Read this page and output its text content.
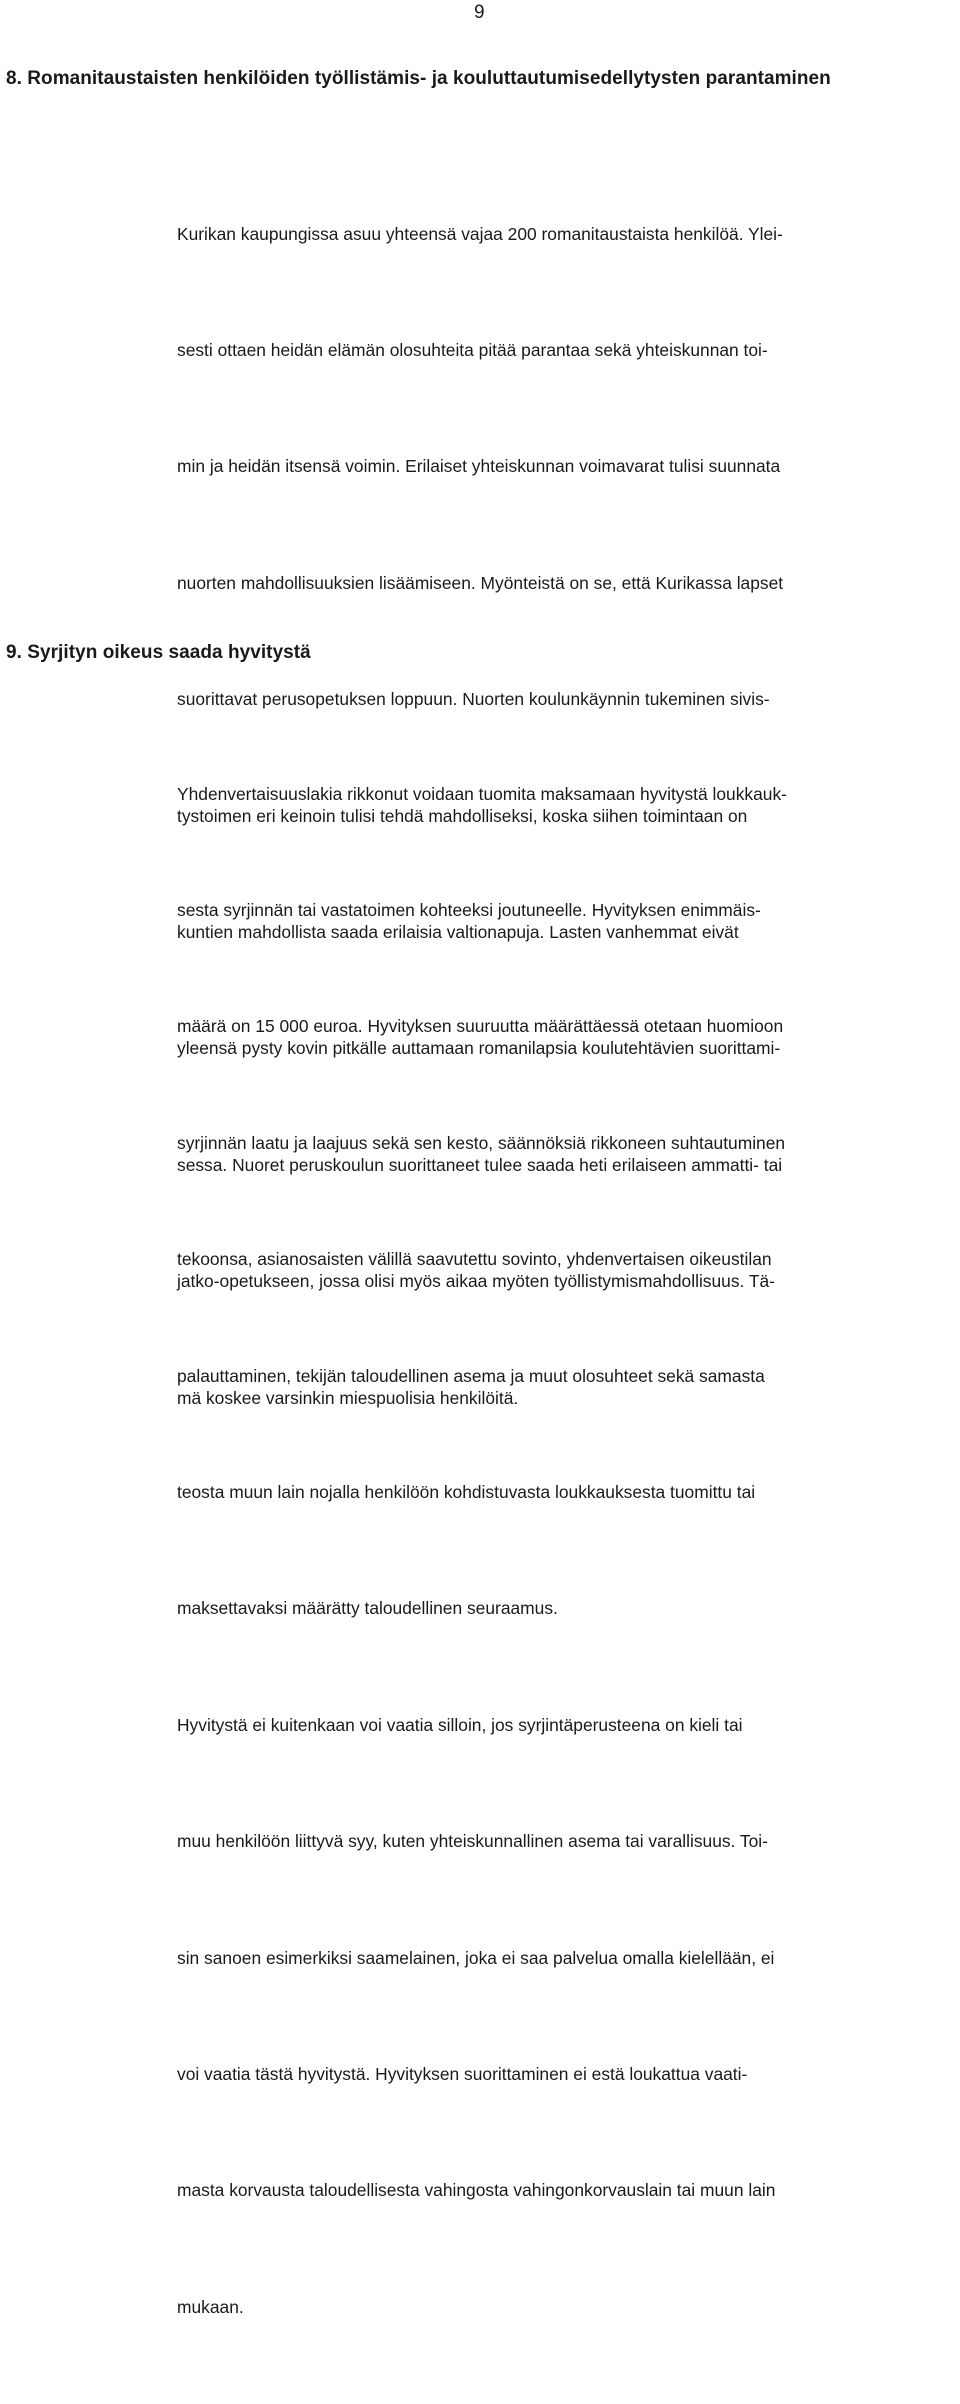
9
8. Romanitaustaisten henkilöiden työllistämis- ja kouluttautumisedellytysten parantaminen

Kurikan kaupungissa asuu yhteensä vajaa 200 romanitaustaista henkilöä. Ylei-

sesti ottaen heidän elämän olosuhteita pitää parantaa sekä yhteiskunnan toi-

min ja heidän itsensä voimin. Erilaiset yhteiskunnan voimavarat tulisi suunnata

nuorten mahdollisuuksien lisäämiseen. Myönteistä on se, että Kurikassa lapset

suorittavat perusopetuksen loppuun. Nuorten koulunkäynnin tukeminen sivis-

tystoimen eri keinoin tulisi tehdä mahdolliseksi, koska siihen toimintaan on

kuntien mahdollista saada erilaisia valtionapuja. Lasten vanhemmat eivät

yleensä pysty kovin pitkälle auttamaan romanilapsia koulutehtävien suorittami-

sessa. Nuoret peruskoulun suorittaneet tulee saada heti erilaiseen ammatti- tai

jatko-opetukseen, jossa olisi myös aikaa myöten työllistymismahdollisuus. Tä-

mä koskee varsinkin miespuolisia henkilöitä.

9. Syrjityn oikeus saada hyvitystä

Yhdenvertaisuuslakia rikkonut voidaan tuomita maksamaan hyvitystä loukkauk-

sesta syrjinnän tai vastatoimen kohteeksi joutuneelle. Hyvityksen enimmäis-

määrä on 15 000 euroa. Hyvityksen suuruutta määrättäessä otetaan huomioon

syrjinnän laatu ja laajuus sekä sen kesto, säännöksiä rikkoneen suhtautuminen

tekoonsa, asianosaisten välillä saavutettu sovinto, yhdenvertaisen oikeustilan

palauttaminen, tekijän taloudellinen asema ja muut olosuhteet sekä samasta

teosta muun lain nojalla henkilöön kohdistuvasta loukkauksesta tuomittu tai

maksettavaksi määrätty taloudellinen seuraamus.

Hyvitystä ei kuitenkaan voi vaatia silloin, jos syrjintäperusteena on kieli tai

muu henkilöön liittyvä syy, kuten yhteiskunnallinen asema tai varallisuus. Toi-

sin sanoen esimerkiksi saamelainen, joka ei saa palvelua omalla kielellään, ei

voi vaatia tästä hyvitystä. Hyvityksen suorittaminen ei estä loukattua vaati-

masta korvausta taloudellisesta vahingosta vahingonkorvauslain tai muun lain

mukaan.
